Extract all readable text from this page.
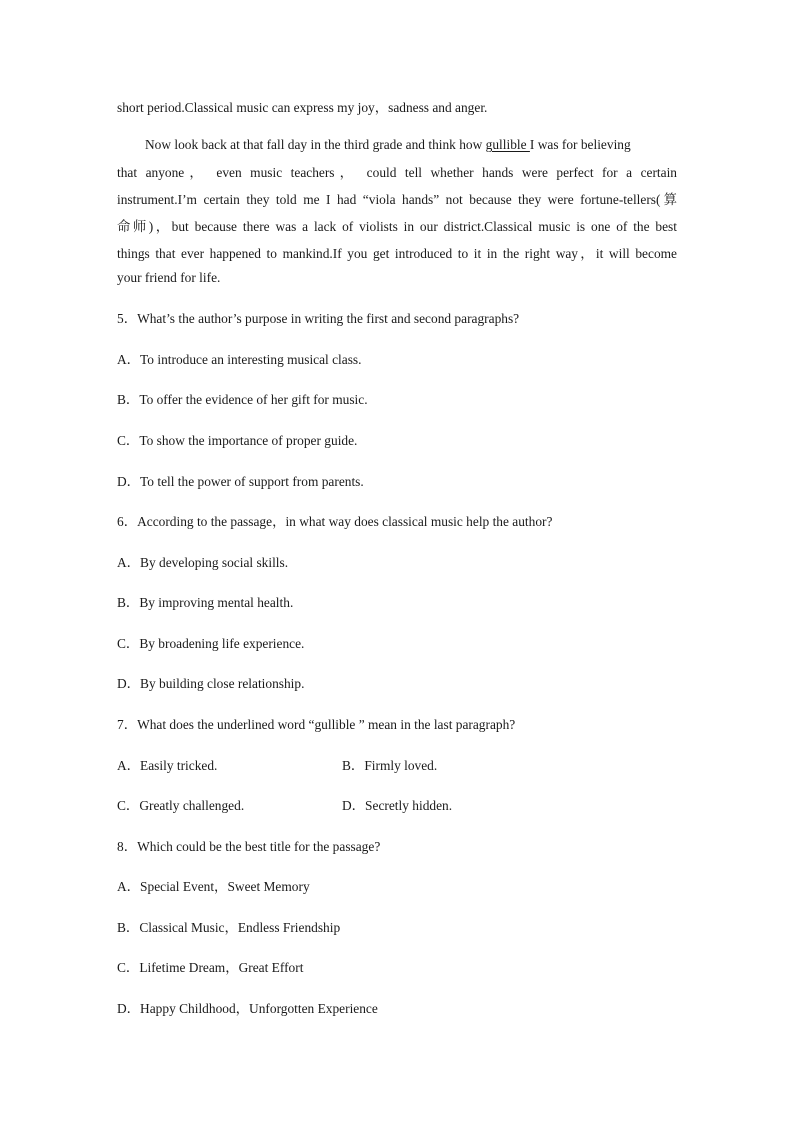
short period.Classical music can express my joy，sadness and anger.
Now look back at that fall day in the third grade and think how gullible I was for believing
that anyone， even music teachers， could tell whether hands were perfect for a certain
instrument.I’m certain they told me I had “viola hands” not because they were fortune-tellers(算
命师)，but because there was a lack of violists in our district.Classical music is one of the best
things that ever happened to mankind.If you get introduced to it in the right way，it will become
your friend for life.
5．What’s the author’s purpose in writing the first and second paragraphs?
A．To introduce an interesting musical class.
B．To offer the evidence of her gift for music.
C．To show the importance of proper guide.
D．To tell the power of support from parents.
6．According to the passage，in what way does classical music help the author?
A．By developing social skills.
B．By improving mental health.
C．By broadening life experience.
D．By building close relationship.
7．What does the underlined word “gullible ” mean in the last paragraph?
A．Easily tricked.	B．Firmly loved.
C．Greatly challenged.	D．Secretly hidden.
8．Which could be the best title for the passage?
A．Special Event，Sweet Memory
B．Classical Music，Endless Friendship
C．Lifetime Dream，Great Effort
D．Happy Childhood，Unforgotten Experience
